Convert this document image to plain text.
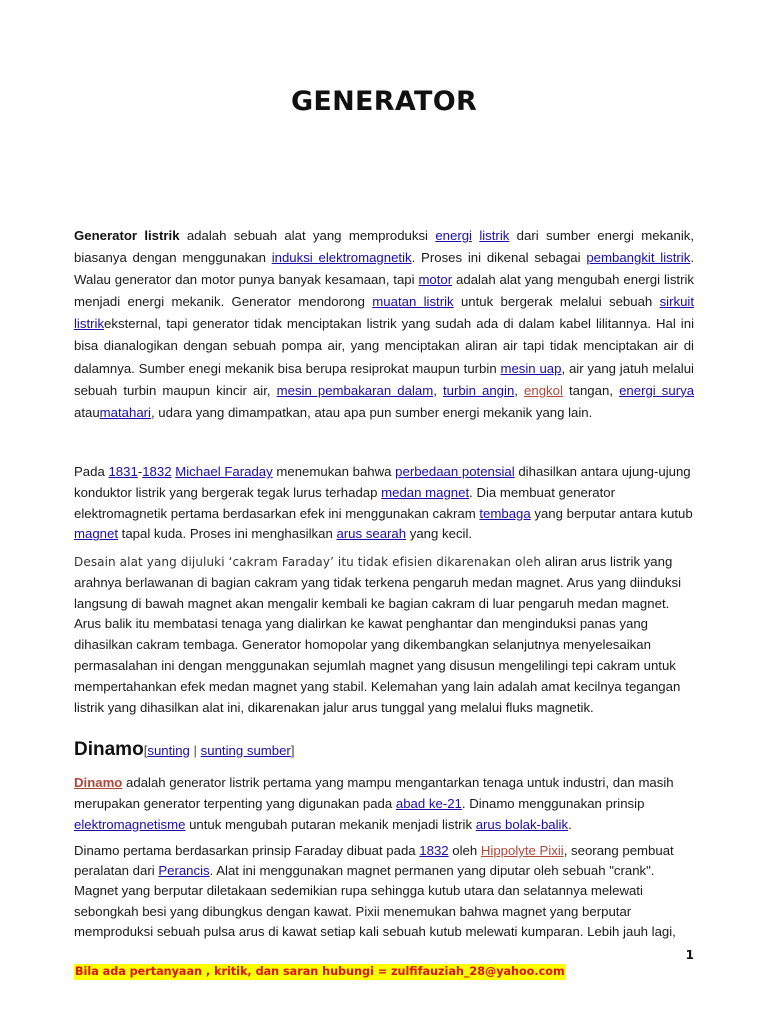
GENERATOR

Generator listrik adalah sebuah alat yang memproduksi energi listrik dari sumber energi mekanik, biasanya dengan menggunakan induksi elektromagnetik. Proses ini dikenal sebagai pembangkit listrik. Walau generator dan motor punya banyak kesamaan, tapi motor adalah alat yang mengubah energi listrik menjadi energi mekanik. Generator mendorong muatan listrik untuk bergerak melalui sebuah sirkuit listrikeksternal, tapi generator tidak menciptakan listrik yang sudah ada di dalam kabel lilitannya. Hal ini bisa dianalogikan dengan sebuah pompa air, yang menciptakan aliran air tapi tidak menciptakan air di dalamnya. Sumber enegi mekanik bisa berupa resiprokat maupun turbin mesin uap, air yang jatuh melalui sebuah turbin maupun kincir air, mesin pembakaran dalam, turbin angin, engkol tangan, energi surya ataumatahari, udara yang dimampatkan, atau apa pun sumber energi mekanik yang lain.

Pada 1831-1832 Michael Faraday menemukan bahwa perbedaan potensial dihasilkan antara ujung-ujung konduktor listrik yang bergerak tegak lurus terhadap medan magnet. Dia membuat generator elektromagnetik pertama berdasarkan efek ini menggunakan cakram tembaga yang berputar antara kutub magnet tapal kuda. Proses ini menghasilkan arus searah yang kecil.

Desain alat yang dijuluki ‘cakram Faraday’ itu tidak efisien dikarenakan oleh aliran arus listrik yang arahnya berlawanan di bagian cakram yang tidak terkena pengaruh medan magnet. Arus yang diinduksi langsung di bawah magnet akan mengalir kembali ke bagian cakram di luar pengaruh medan magnet. Arus balik itu membatasi tenaga yang dialirkan ke kawat penghantar dan menginduksi panas yang dihasilkan cakram tembaga. Generator homopolar yang dikembangkan selanjutnya menyelesaikan permasalahan ini dengan menggunakan sejumlah magnet yang disusun mengelilingi tepi cakram untuk mempertahankan efek medan magnet yang stabil. Kelemahan yang lain adalah amat kecilnya tegangan listrik yang dihasilkan alat ini, dikarenakan jalur arus tunggal yang melalui fluks magnetik.

Dinamo[sunting | sunting sumber]

Dinamo adalah generator listrik pertama yang mampu mengantarkan tenaga untuk industri, dan masih merupakan generator terpenting yang digunakan pada abad ke-21. Dinamo menggunakan prinsip elektromagnetisme untuk mengubah putaran mekanik menjadi listrik arus bolak-balik.

Dinamo pertama berdasarkan prinsip Faraday dibuat pada 1832 oleh Hippolyte Pixii, seorang pembuat peralatan dari Perancis. Alat ini menggunakan magnet permanen yang diputar oleh sebuah "crank". Magnet yang berputar diletakaan sedemikian rupa sehingga kutub utara dan selatannya melewati sebongkah besi yang dibungkus dengan kawat. Pixii menemukan bahwa magnet yang berputar memproduksi sebuah pulsa arus di kawat setiap kali sebuah kutub melewati kumparan. Lebih jauh lagi,

1
Bila ada pertanyaan , kritik, dan saran hubungi = zulfifauziah_28@yahoo.com
